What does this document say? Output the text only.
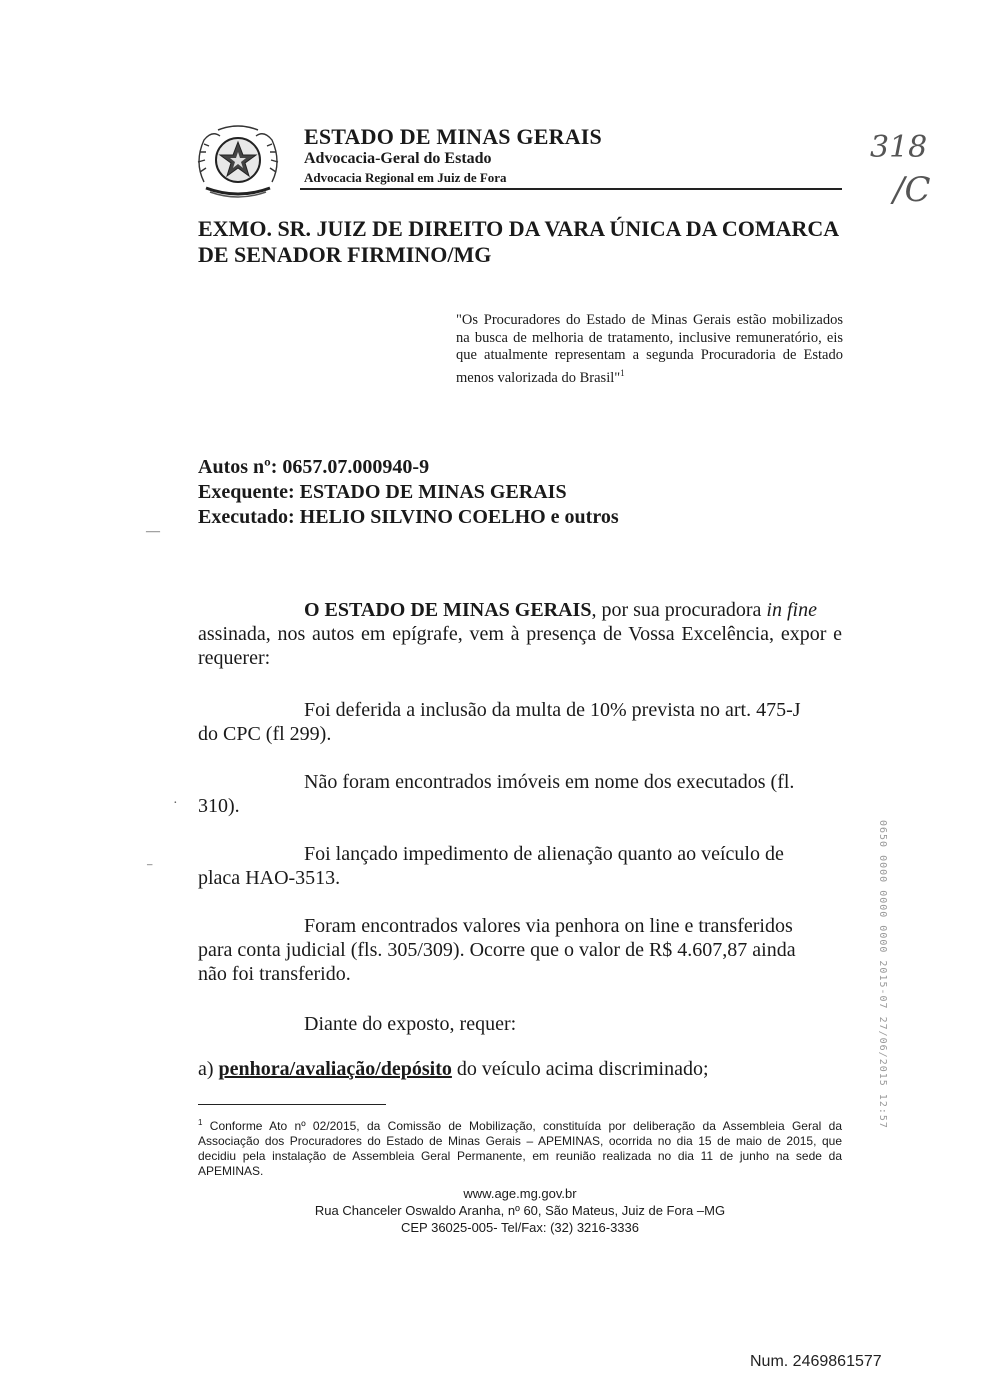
ESTADO DE MINAS GERAIS
Advocacia-Geral do Estado
Advocacia Regional em Juiz de Fora
318
/C
EXMO. SR. JUIZ DE DIREITO DA VARA ÚNICA DA COMARCA
DE SENADOR FIRMINO/MG
"Os Procuradores do Estado de Minas Gerais estão mobilizados na busca de melhoria de tratamento, inclusive remuneratório, eis que atualmente representam a segunda Procuradoria de Estado menos valorizada do Brasil"$^1$
Autos nº: 0657.07.000940-9
Exequente: ESTADO DE MINAS GERAIS
Executado: HELIO SILVINO COELHO e outros
—
O ESTADO DE MINAS GERAIS, por sua procuradora in fine
assinada, nos autos em epígrafe, vem à presença de Vossa Excelência, expor e requerer:
Foi deferida a inclusão da multa de 10% prevista no art. 475-J
do CPC (fl 299).
Não foram encontrados imóveis em nome dos executados (fl.
310).
·
Foi lançado impedimento de alienação quanto ao veículo de
placa HAO-3513.
⁻
Foram encontrados valores via penhora on line e transferidos
para conta judicial (fls. 305/309). Ocorre que o valor de R$ 4.607,87 ainda
não foi transferido.
Diante do exposto, requer:
a) penhora/avaliação/depósito do veículo acima discriminado;
$^1$ Conforme Ato nº 02/2015, da Comissão de Mobilização, constituída por deliberação da Assembleia Geral da Associação dos Procuradores do Estado de Minas Gerais – APEMINAS, ocorrida no dia 15 de maio de 2015, que decidiu pela instalação de Assembleia Geral Permanente, em reunião realizada no dia 11 de junho na sede da APEMINAS.
www.age.mg.gov.br
Rua Chanceler Oswaldo Aranha, nº 60, São Mateus, Juiz de Fora –MG
CEP 36025-005- Tel/Fax: (32) 3216-3336
0650 0000 0000 0000 2015-07 27/06/2015 12:57
Num. 2469861577
